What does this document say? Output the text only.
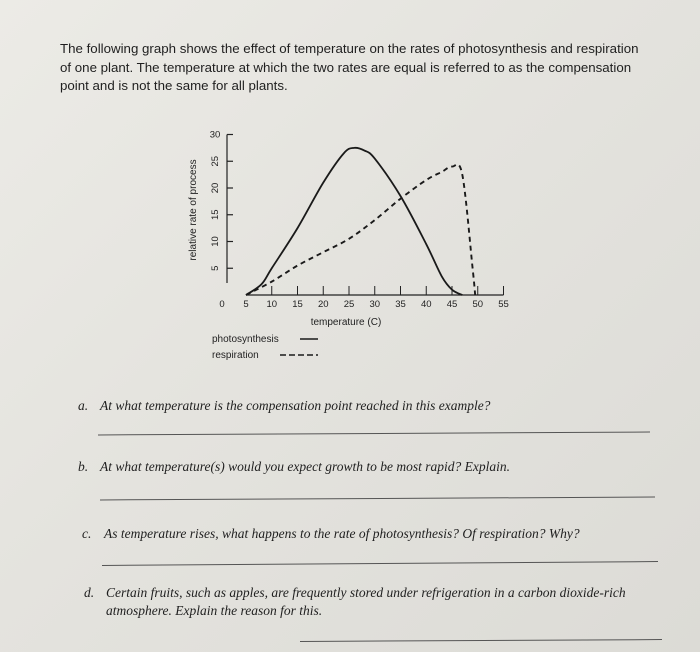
The following graph shows the effect of temperature on the rates of photosynthesis and respiration of one plant. The temperature at which the two rates are equal is referred to as the compensation point and is not the same for all plants.

5
10
15
20
25
30
relative rate of process
0 5 10 15 20 25 30 35 40 45 50 55
temperature (C)
photosynthesis
respiration
a. At what temperature is the compensation point reached in this example?
b. At what temperature(s) would you expect growth to be most rapid? Explain.
c. As temperature rises, what happens to the rate of photosynthesis? Of respiration? Why?
d. Certain fruits, such as apples, are frequently stored under refrigeration in a carbon dioxide-rich atmosphere. Explain the reason for this.
